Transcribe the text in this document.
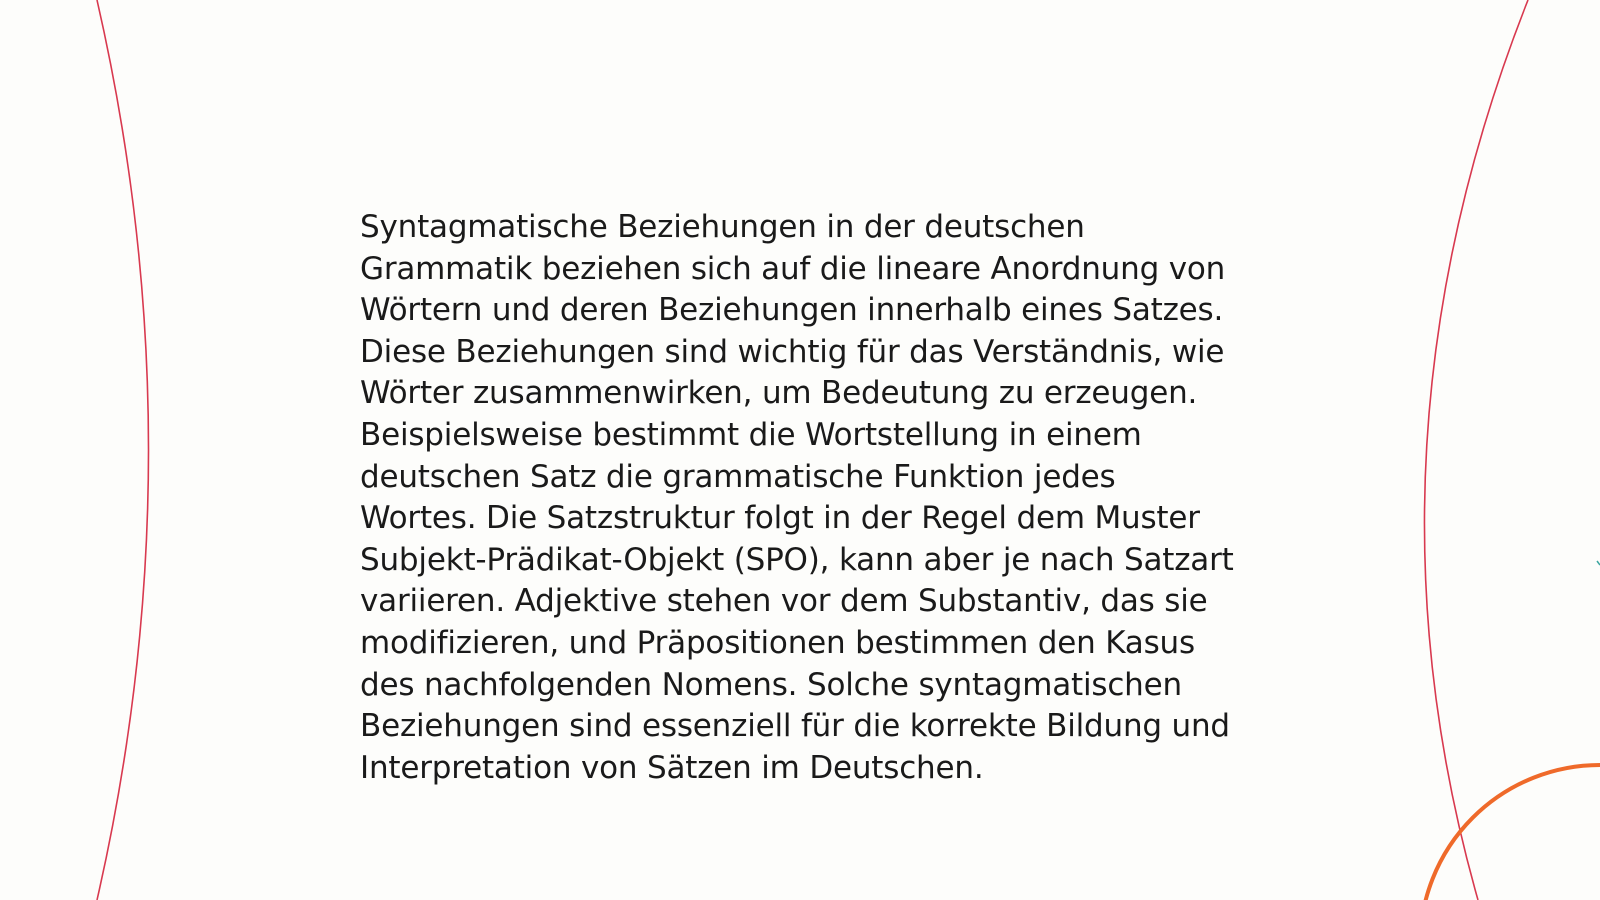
Syntagmatische Beziehungen in der deutschen Grammatik beziehen sich auf die lineare Anordnung von Wörtern und deren Beziehungen innerhalb eines Satzes. Diese Beziehungen sind wichtig für das Verständnis, wie Wörter zusammenwirken, um Bedeutung zu erzeugen. Beispielsweise bestimmt die Wortstellung in einem deutschen Satz die grammatische Funktion jedes Wortes. Die Satzstruktur folgt in der Regel dem Muster Subjekt-Prädikat-Objekt (SPO), kann aber je nach Satzart variieren. Adjektive stehen vor dem Substantiv, das sie modifizieren, und Präpositionen bestimmen den Kasus des nachfolgenden Nomens. Solche syntagmatischen Beziehungen sind essenziell für die korrekte Bildung und Interpretation von Sätzen im Deutschen.
